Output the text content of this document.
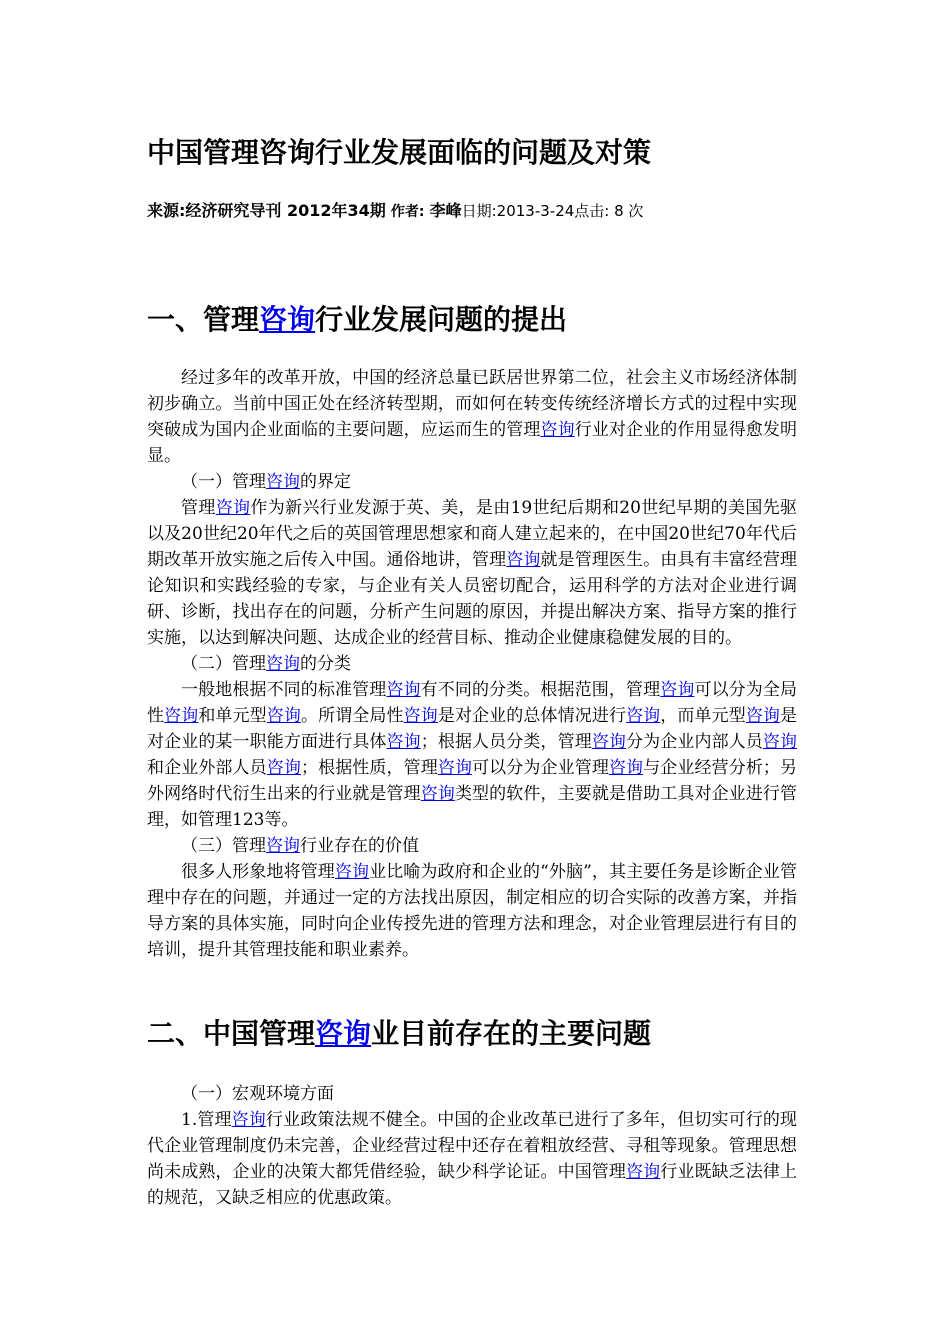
中国管理咨询行业发展面临的问题及对策
来源:经济研究导刊 2012年34期 作者: 李峰日期:2013-3-24点击: 8 次
一、管理咨询行业发展问题的提出

经过多年的改革开放，中国的经济总量已跃居世界第二位，社会主义市场经济体制初步确立。当前中国正处在经济转型期，而如何在转变传统经济增长方式的过程中实现突破成为国内企业面临的主要问题，应运而生的管理咨询行业对企业的作用显得愈发明显。

（一）管理咨询的界定

管理咨询作为新兴行业发源于英、美，是由19世纪后期和20世纪早期的美国先驱以及20世纪20年代之后的英国管理思想家和商人建立起来的，在中国20世纪70年代后期改革开放实施之后传入中国。通俗地讲，管理咨询就是管理医生。由具有丰富经营理论知识和实践经验的专家，与企业有关人员密切配合，运用科学的方法对企业进行调研、诊断，找出存在的问题，分析产生问题的原因，并提出解决方案、指导方案的推行实施，以达到解决问题、达成企业的经营目标、推动企业健康稳健发展的目的。

（二）管理咨询的分类

一般地根据不同的标准管理咨询有不同的分类。根据范围，管理咨询可以分为全局性咨询和单元型咨询。所谓全局性咨询是对企业的总体情况进行咨询，而单元型咨询是对企业的某一职能方面进行具体咨询；根据人员分类，管理咨询分为企业内部人员咨询和企业外部人员咨询；根据性质，管理咨询可以分为企业管理咨询与企业经营分析；另外网络时代衍生出来的行业就是管理咨询类型的软件，主要就是借助工具对企业进行管理，如管理123等。

（三）管理咨询行业存在的价值

很多人形象地将管理咨询业比喻为政府和企业的“外脑”，其主要任务是诊断企业管理中存在的问题，并通过一定的方法找出原因，制定相应的切合实际的改善方案，并指导方案的具体实施，同时向企业传授先进的管理方法和理念，对企业管理层进行有目的培训，提升其管理技能和职业素养。

二、中国管理咨询业目前存在的主要问题

（一）宏观环境方面

1.管理咨询行业政策法规不健全。中国的企业改革已进行了多年，但切实可行的现代企业管理制度仍未完善，企业经营过程中还存在着粗放经营、寻租等现象。管理思想尚未成熟，企业的决策大都凭借经验，缺少科学论证。中国管理咨询行业既缺乏法律上的规范，又缺乏相应的优惠政策。
